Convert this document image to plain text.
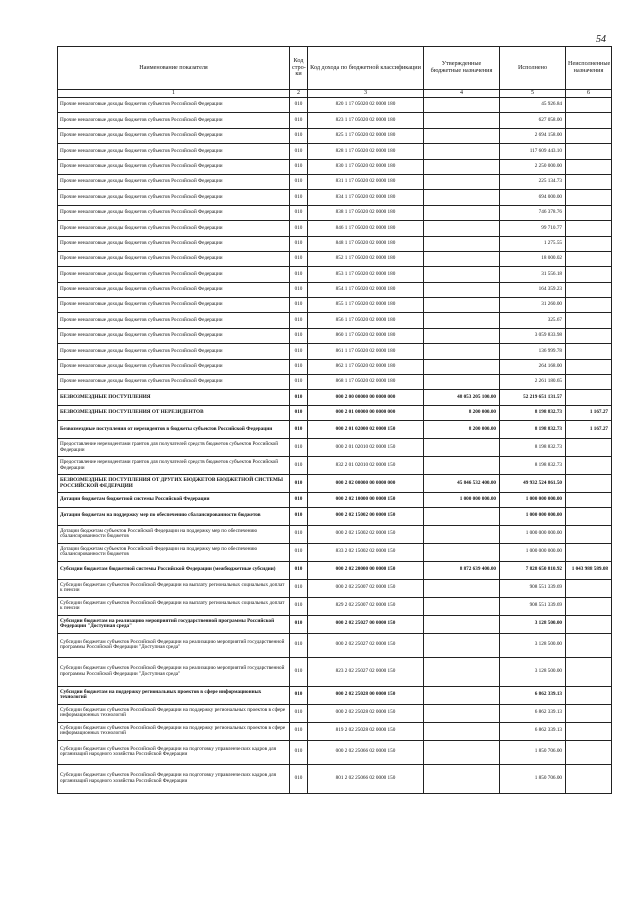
54
Наименование показателя	Код стро-ки	Код дохода по бюджетной классификации	Утвержденные бюджетные назначения	Исполнено	Неисполненные назначения
1	2	3	4	5	6
Прочие неналоговые доходы бюджетов субъектов Российской Федерации	010	820 1 17 05020 02 0000 180		45 926.84	
Прочие неналоговые доходы бюджетов субъектов Российской Федерации	010	823 1 17 05020 02 0000 180		627 058.00	
Прочие неналоговые доходы бюджетов субъектов Российской Федерации	010	825 1 17 05020 02 0000 180		2 694 158.00	
Прочие неналоговые доходы бюджетов субъектов Российской Федерации	010	828 1 17 05020 02 0000 180		117 609 443.10	
Прочие неналоговые доходы бюджетов субъектов Российской Федерации	010	830 1 17 05020 02 0000 180		2 250 000.00	
Прочие неналоговые доходы бюджетов субъектов Российской Федерации	010	831 1 17 05020 02 0000 180		225 134.73	
Прочие неналоговые доходы бюджетов субъектов Российской Федерации	010	834 1 17 05020 02 0000 180		694 000.00	
Прочие неналоговые доходы бюджетов субъектов Российской Федерации	010	838 1 17 05020 02 0000 180		746 378.76	
Прочие неналоговые доходы бюджетов субъектов Российской Федерации	010	846 1 17 05020 02 0000 180		99 710.77	
Прочие неналоговые доходы бюджетов субъектов Российской Федерации	010	848 1 17 05020 02 0000 180		1 275.55	
Прочие неналоговые доходы бюджетов субъектов Российской Федерации	010	852 1 17 05020 02 0000 180		18 000.02	
Прочие неналоговые доходы бюджетов субъектов Российской Федерации	010	853 1 17 05020 02 0000 180		31 556.18	
Прочие неналоговые доходы бюджетов субъектов Российской Федерации	010	854 1 17 05020 02 0000 180		164 359.23	
Прочие неналоговые доходы бюджетов субъектов Российской Федерации	010	855 1 17 05020 02 0000 180		31 260.00	
Прочие неналоговые доходы бюджетов субъектов Российской Федерации	010	856 1 17 05020 02 0000 180		325.67	
Прочие неналоговые доходы бюджетов субъектов Российской Федерации	010	860 1 17 05020 02 0000 180		3 059 833.98	
Прочие неналоговые доходы бюджетов субъектов Российской Федерации	010	861 1 17 05020 02 0000 180		136 999.78	
Прочие неналоговые доходы бюджетов субъектов Российской Федерации	010	862 1 17 05020 02 0000 180		264 168.00	
Прочие неналоговые доходы бюджетов субъектов Российской Федерации	010	868 1 17 05020 02 0000 180		2 261 180.65	
БЕЗВОЗМЕЗДНЫЕ ПОСТУПЛЕНИЯ	010	000 2 00 00000 00 0000 000	48 053 205 100.00	52 219 651 131.57	
БЕЗВОЗМЕЗДНЫЕ ПОСТУПЛЕНИЯ ОТ НЕРЕЗИДЕНТОВ	010	000 2 01 00000 00 0000 000	8 200 000.00	8 198 832.73	1 167.27
Безвозмездные поступления от нерезидентов в бюджеты субъектов Российской Федерации	010	000 2 01 02000 02 0000 150	8 200 000.00	8 198 832.73	1 167.27
Предоставление нерезидентами грантов для получателей средств бюджетов субъектов Российской Федерации	010	000 2 01 02010 02 0000 150		8 198 832.73	
Предоставление нерезидентами грантов для получателей средств бюджетов субъектов Российской Федерации	010	832 2 01 02010 02 0000 150		8 198 832.73	
БЕЗВОЗМЕЗДНЫЕ ПОСТУПЛЕНИЯ ОТ ДРУГИХ БЮДЖЕТОВ БЮДЖЕТНОЙ СИСТЕМЫ РОССИЙСКОЙ ФЕДЕРАЦИИ	010	000 2 02 00000 00 0000 000	45 846 532 400.00	49 932 524 861.50	
Дотации бюджетам бюджетной системы Российской Федерации	010	000 2 02 10000 00 0000 150	1 000 000 000.00	1 000 000 000.00	
Дотации бюджетам на поддержку мер по обеспечению сбалансированности бюджетов	010	000 2 02 15002 00 0000 150		1 000 000 000.00	
Дотации бюджетам субъектов Российской Федерации на поддержку мер по обеспечению сбалансированности бюджетов	010	000 2 02 15002 02 0000 150		1 000 000 000.00	
Дотации бюджетам субъектов Российской Федерации на поддержку мер по обеспечению сбалансированности бюджетов	010	833 2 02 15002 02 0000 150		1 000 000 000.00	
Субсидии бюджетам бюджетной системы Российской Федерации (межбюджетные субсидии)	010	000 2 02 20000 00 0000 150	8 872 639 400.00	7 828 650 810.92	1 043 988 589.08
Субсидии бюджетам субъектов Российской Федерации на выплату региональных социальных доплат к пенсии	010	000 2 02 25007 02 0000 150		908 551 339.69	
Субсидии бюджетам субъектов Российской Федерации на выплату региональных социальных доплат к пенсии	010	829 2 02 25007 02 0000 150		908 551 339.69	
Субсидии бюджетам на реализацию мероприятий государственной программы Российской Федерации "Доступная среда"	010	000 2 02 25027 00 0000 150		3 128 500.00	
Субсидии бюджетам субъектов Российской Федерации на реализацию мероприятий государственной программы Российской Федерации "Доступная среда"	010	000 2 02 25027 02 0000 150		3 128 500.00	
Субсидии бюджетам субъектов Российской Федерации на реализацию мероприятий государственной программы Российской Федерации "Доступная среда"	010	823 2 02 25027 02 0000 150		3 128 500.00	
Субсидии бюджетам на поддержку региональных проектов в сфере информационных технологий	010	000 2 02 25028 00 0000 150		6 862 339.13	
Субсидии бюджетам субъектов Российской Федерации на поддержку региональных проектов в сфере информационных технологий	010	000 2 02 25028 02 0000 150		6 862 339.13	
Субсидии бюджетам субъектов Российской Федерации на поддержку региональных проектов в сфере информационных технологий	010	819 2 02 25028 02 0000 150		6 862 339.13	
Субсидии бюджетам субъектов Российской Федерации на подготовку управленческих кадров для организаций народного хозяйства Российской Федерации	010	000 2 02 25066 02 0000 150		1 850 706.00	
Субсидии бюджетам субъектов Российской Федерации на подготовку управленческих кадров для организаций народного хозяйства Российской Федерации	010	801 2 02 25066 02 0000 150		1 850 706.00	
